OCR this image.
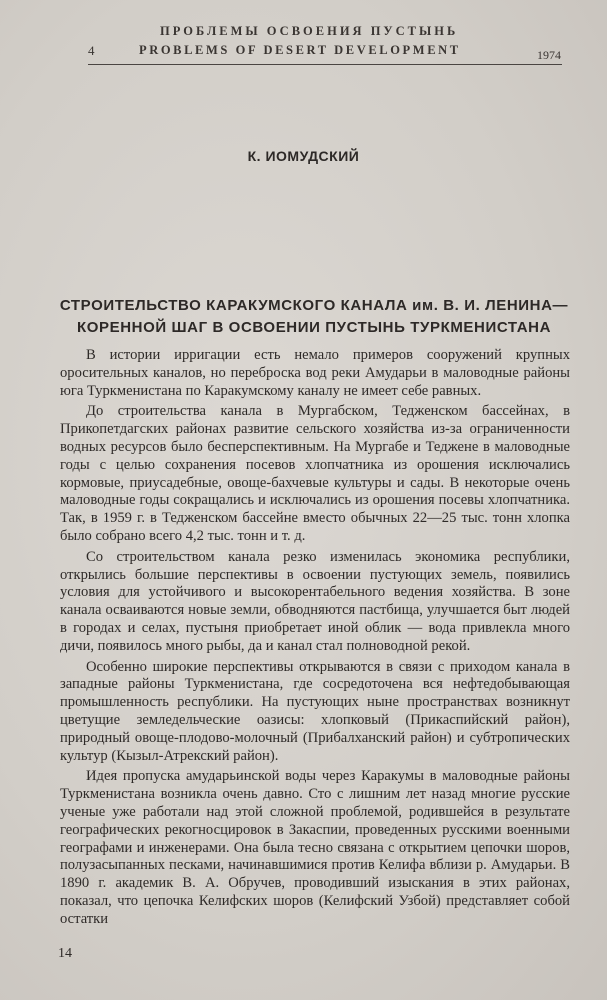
4
ПРОБЛЕМЫ ОСВОЕНИЯ ПУСТЫНЬ
PROBLEMS OF DESERT DEVELOPMENT	1974
К. ИОМУДСКИЙ
СТРОИТЕЛЬСТВО КАРАКУМСКОГО КАНАЛА им. В. И. ЛЕНИНА— КОРЕННОЙ ШАГ В ОСВОЕНИИ ПУСТЫНЬ ТУРКМЕНИСТАНА

В истории ирригации есть немало примеров сооружений крупных оросительных каналов, но переброска вод реки Амударьи в маловодные районы юга Туркменистана по Каракумскому каналу не имеет себе равных.

До строительства канала в Мургабском, Тедженском бассейнах, в Прикопетдагских районах развитие сельского хозяйства из-за ограниченности водных ресурсов было бесперспективным. На Мургабе и Теджене в маловодные годы с целью сохранения посевов хлопчатника из орошения исключались кормовые, приусадебные, овоще-бахчевые культуры и сады. В некоторые очень маловодные годы сокращались и исключались из орошения посевы хлопчатника. Так, в 1959 г. в Тедженском бассейне вместо обычных 22—25 тыс. тонн хлопка было собрано всего 4,2 тыс. тонн и т. д.

Со строительством канала резко изменилась экономика республики, открылись большие перспективы в освоении пустующих земель, появились условия для устойчивого и высокорентабельного ведения хозяйства. В зоне канала осваиваются новые земли, обводняются пастбища, улучшается быт людей в городах и селах, пустыня приобретает иной облик — вода привлекла много дичи, появилось много рыбы, да и канал стал полноводной рекой.

Особенно широкие перспективы открываются в связи с приходом канала в западные районы Туркменистана, где сосредоточена вся нефтедобывающая промышленность республики. На пустующих ныне пространствах возникнут цветущие земледельческие оазисы: хлопковый (Прикаспийский район), природный овоще-плодово-молочный (Прибалханский район) и субтропических культур (Кызыл-Атрекский район).

Идея пропуска амударьинской воды через Каракумы в маловодные районы Туркменистана возникла очень давно. Сто с лишним лет назад многие русские ученые уже работали над этой сложной проблемой, родившейся в результате географических рекогносцировок в Закаспии, проведенных русскими военными географами и инженерами. Она была тесно связана с открытием цепочки шоров, полузасыпанных песками, начинавшимися против Келифа вблизи р. Амударьи. В 1890 г. академик В. А. Обручев, проводивший изыскания в этих районах, показал, что цепочка Келифских шоров (Келифский Узбой) представляет собой остатки

14
